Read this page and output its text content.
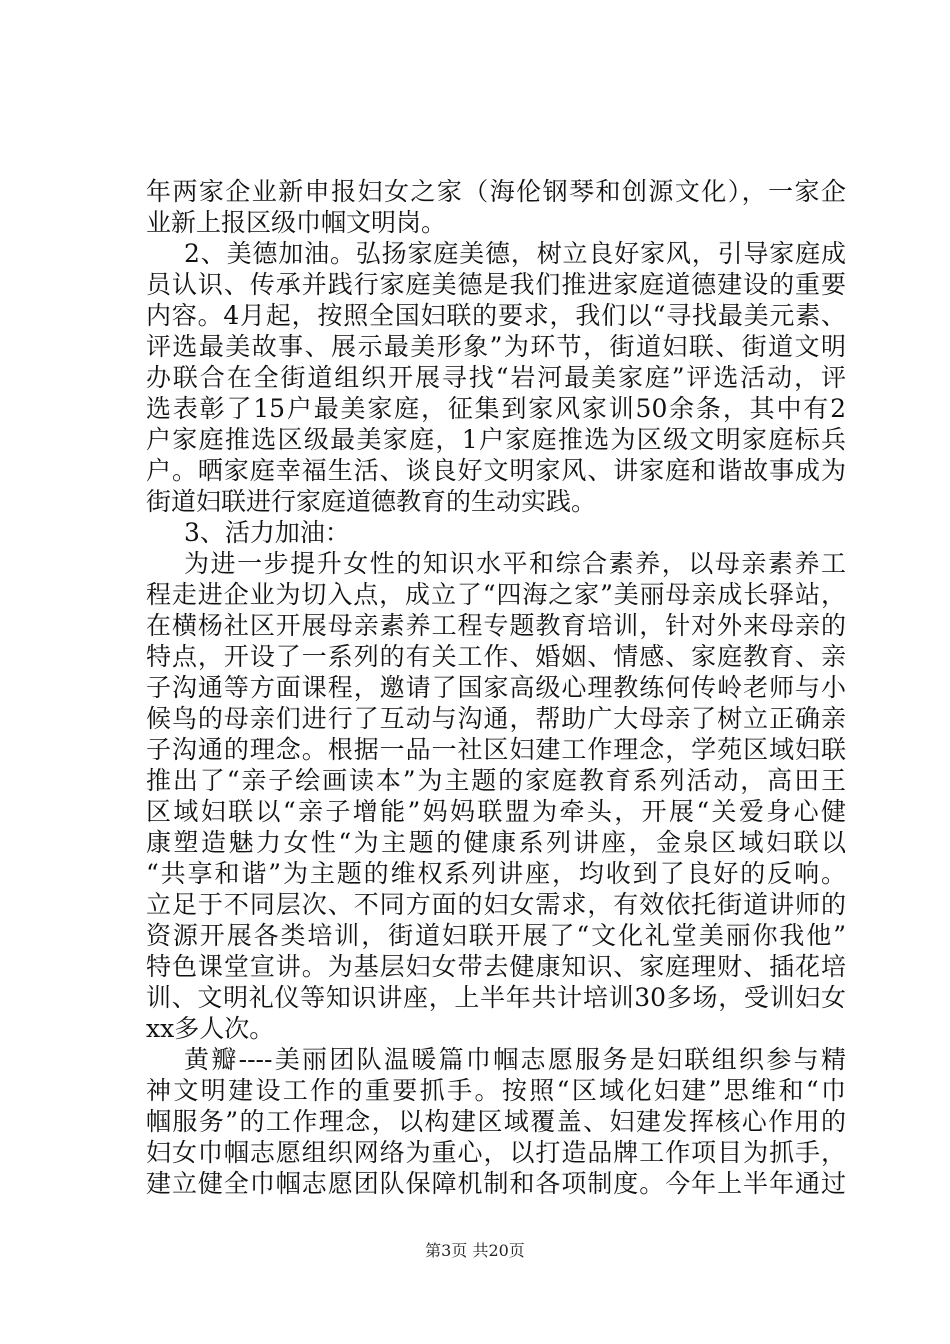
年两家企业新申报妇女之家（海伦钢琴和创源文化），一家企
业新上报区级巾帼文明岗。
2、美德加油。弘扬家庭美德，树立良好家风，引导家庭成
员认识、传承并践行家庭美德是我们推进家庭道德建设的重要
内容。4月起，按照全国妇联的要求，我们以“寻找最美元素、
评选最美故事、展示最美形象”为环节，街道妇联、街道文明
办联合在全街道组织开展寻找“岩河最美家庭”评选活动，评
选表彰了15户最美家庭，征集到家风家训50余条，其中有2
户家庭推选区级最美家庭，1户家庭推选为区级文明家庭标兵
户。晒家庭幸福生活、谈良好文明家风、讲家庭和谐故事成为
街道妇联进行家庭道德教育的生动实践。
3、活力加油：
为进一步提升女性的知识水平和综合素养，以母亲素养工
程走进企业为切入点，成立了“四海之家”美丽母亲成长驿站，
在横杨社区开展母亲素养工程专题教育培训，针对外来母亲的
特点，开设了一系列的有关工作、婚姻、情感、家庭教育、亲
子沟通等方面课程，邀请了国家高级心理教练何传岭老师与小
候鸟的母亲们进行了互动与沟通，帮助广大母亲了树立正确亲
子沟通的理念。根据一品一社区妇建工作理念，学苑区域妇联
推出了“亲子绘画读本”为主题的家庭教育系列活动，高田王
区域妇联以“亲子增能”妈妈联盟为牵头，开展“关爱身心健
康塑造魅力女性“为主题的健康系列讲座，金泉区域妇联以
“共享和谐”为主题的维权系列讲座，均收到了良好的反响。
立足于不同层次、不同方面的妇女需求，有效依托街道讲师的
资源开展各类培训，街道妇联开展了“文化礼堂美丽你我他”
特色课堂宣讲。为基层妇女带去健康知识、家庭理财、插花培
训、文明礼仪等知识讲座，上半年共计培训30多场，受训妇女
xx多人次。
黄瓣----美丽团队温暖篇巾帼志愿服务是妇联组织参与精
神文明建设工作的重要抓手。按照“区域化妇建”思维和“巾
帼服务”的工作理念，以构建区域覆盖、妇建发挥核心作用的
妇女巾帼志愿组织网络为重心，以打造品牌工作项目为抓手，
建立健全巾帼志愿团队保障机制和各项制度。今年上半年通过
第3页 共20页
